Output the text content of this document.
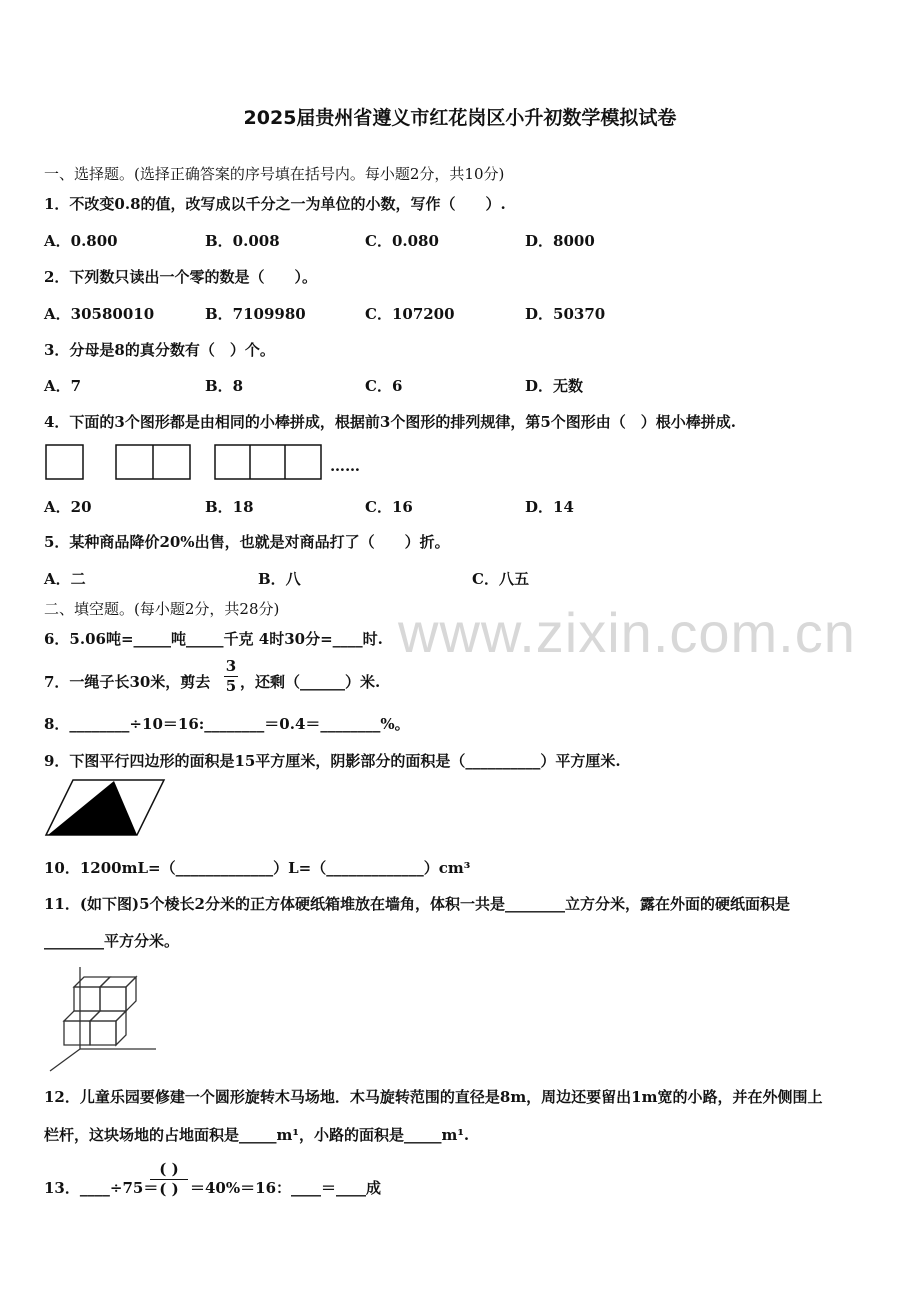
www.zixin.com.cn
2025届贵州省遵义市红花岗区小升初数学模拟试卷
一、选择题。(选择正确答案的序号填在括号内。每小题2分，共10分)
1．不改变0.8的值，改写成以千分之一为单位的小数，写作（　　）.
A．0.800	B．0.008	C．0.080	D．8000
2．下列数只读出一个零的数是（　　）。
A．30580010	B．7109980	C．107200	D．50370
3．分母是8的真分数有（　）个。
A．7	B．8	C．6	D．无数
4．下面的3个图形都是由相同的小棒拼成，根据前3个图形的排列规律，第5个图形由（　）根小棒拼成.
……
A．20	B．18	C．16	D．14
5．某种商品降价20%出售，也就是对商品打了（　　）折。
A．二	B．八	C．八五
二、填空题。(每小题2分，共28分)
6．5.06吨=_____吨_____千克 4时30分=____时.
7．一绳子长30米，剪去
3
5 ，还剩（______）米.
8．________÷10＝16:________＝0.4＝________%。
9．下图平行四边形的面积是15平方厘米，阴影部分的面积是（__________）平方厘米.
10．1200mL=（_____________）L=（_____________）cm³
11．(如下图)5个棱长2分米的正方体硬纸箱堆放在墙角，体积一共是________立方分米，露在外面的硬纸面积是
________平方分米。
12．儿童乐园要修建一个圆形旋转木马场地．木马旋转范围的直径是8m，周边还要留出1m宽的小路，并在外侧围上
栏杆，这块场地的占地面积是_____m¹，小路的面积是_____m¹.
13．____÷75＝
( )
( ) ＝40%＝16：____＝____成
